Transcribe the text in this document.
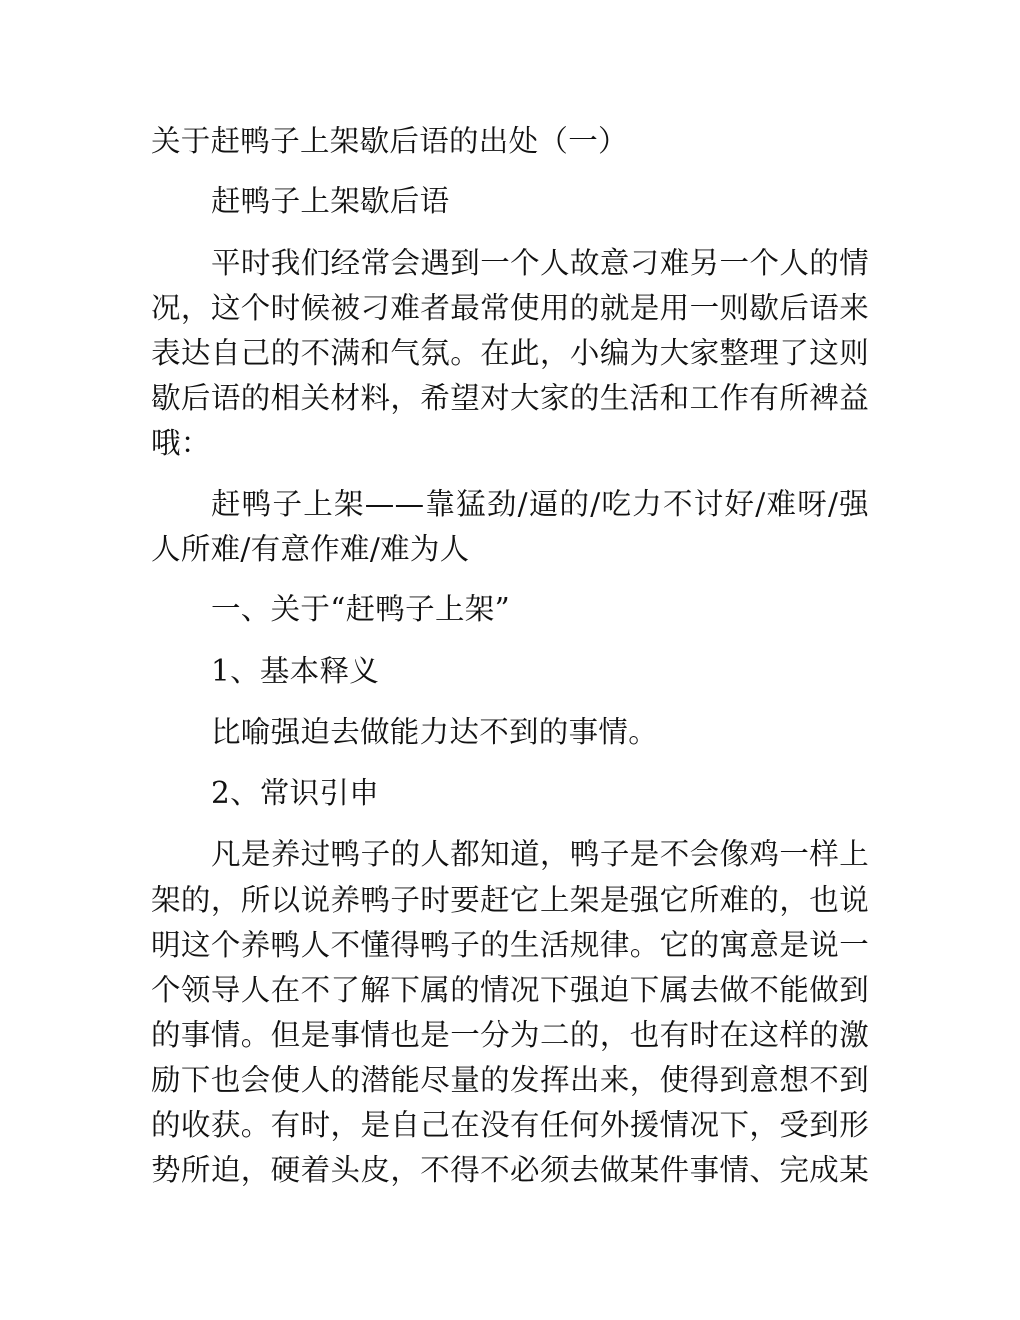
关于赶鸭子上架歇后语的出处（一）
赶鸭子上架歇后语
平时我们经常会遇到一个人故意刁难另一个人的情
况，这个时候被刁难者最常使用的就是用一则歇后语来
表达自己的不满和气氛。在此，小编为大家整理了这则
歇后语的相关材料，希望对大家的生活和工作有所裨益
哦：
赶鸭子上架——靠猛劲/逼的/吃力不讨好/难呀/强
人所难/有意作难/难为人
一、关于“赶鸭子上架”
1、基本释义
比喻强迫去做能力达不到的事情。
2、常识引申
凡是养过鸭子的人都知道，鸭子是不会像鸡一样上
架的，所以说养鸭子时要赶它上架是强它所难的，也说
明这个养鸭人不懂得鸭子的生活规律。它的寓意是说一
个领导人在不了解下属的情况下强迫下属去做不能做到
的事情。但是事情也是一分为二的，也有时在这样的激
励下也会使人的潜能尽量的发挥出来，使得到意想不到
的收获。有时，是自己在没有任何外援情况下，受到形
势所迫，硬着头皮，不得不必须去做某件事情、完成某
